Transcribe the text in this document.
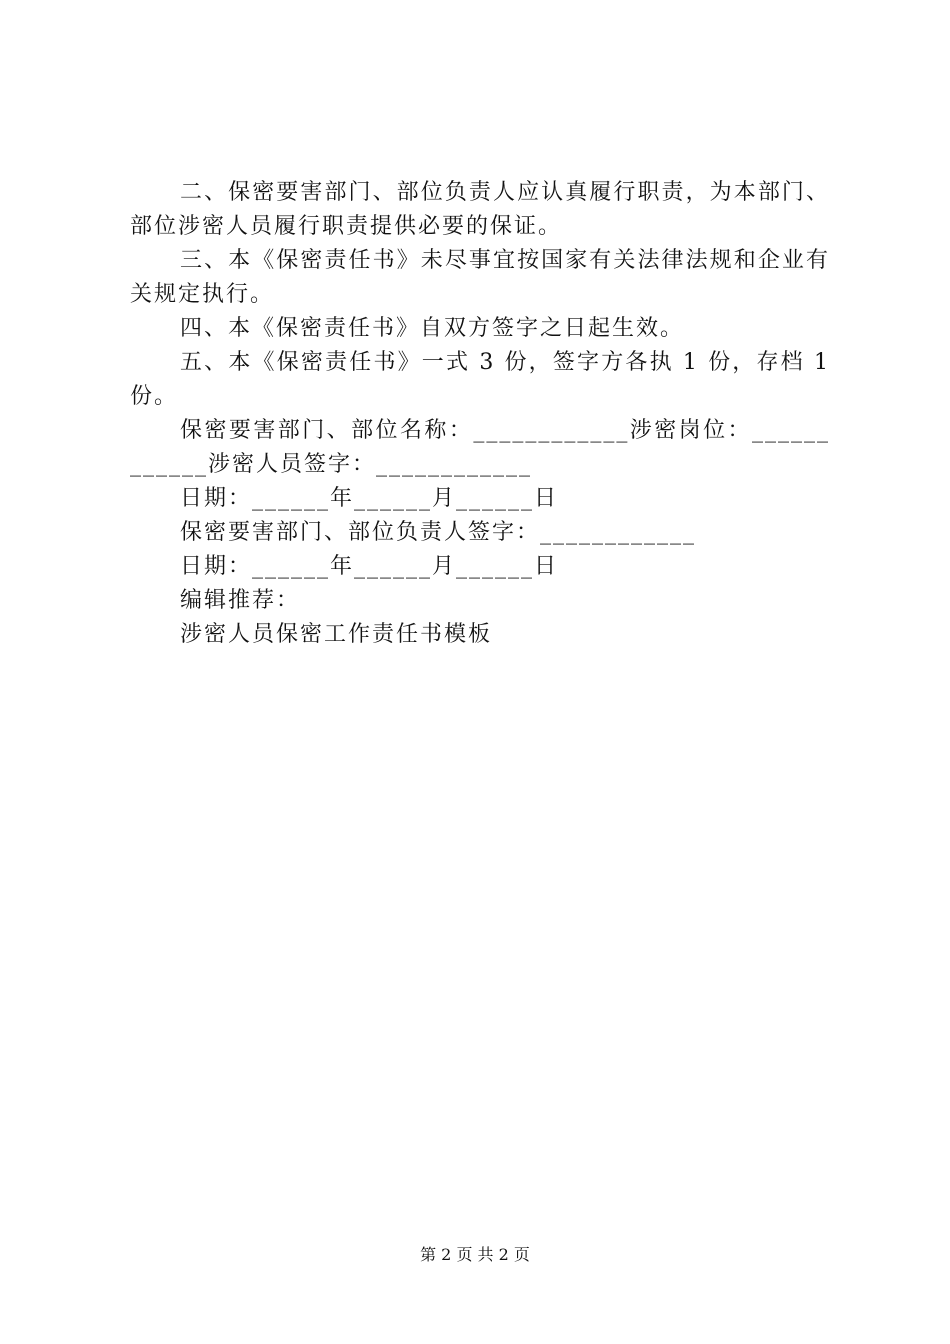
二、保密要害部门、部位负责人应认真履行职责，为本部门、部位涉密人员履行职责提供必要的保证。

三、本《保密责任书》未尽事宜按国家有关法律法规和企业有关规定执行。

四、本《保密责任书》自双方签字之日起生效。

五、本《保密责任书》一式 3 份，签字方各执 1 份，存档 1 份。

保密要害部门、部位名称：____________涉密岗位：____________涉密人员签字：____________

日期：______年______月______日

保密要害部门、部位负责人签字：____________

日期：______年______月______日

编辑推荐：

涉密人员保密工作责任书模板

第 2 页 共 2 页
